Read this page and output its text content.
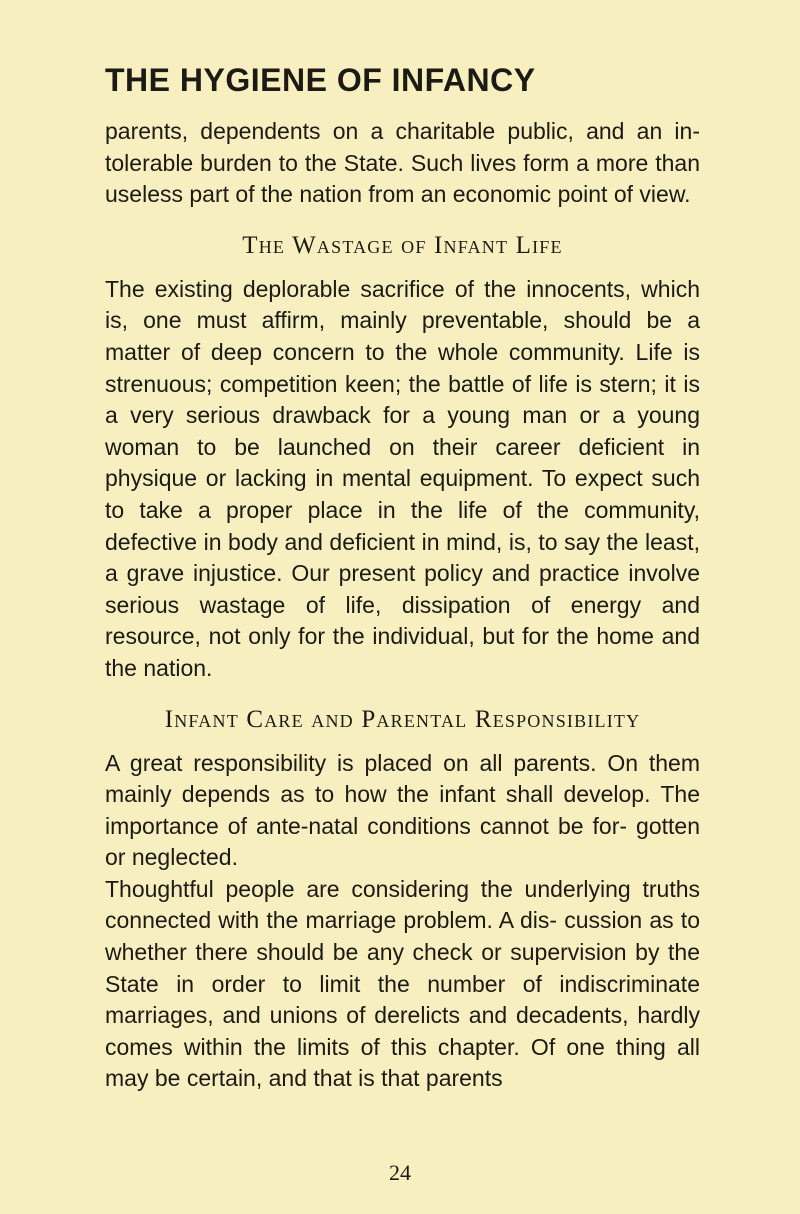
THE HYGIENE OF INFANCY

parents, dependents on a charitable public, and an in- tolerable burden to the State. Such lives form a more than useless part of the nation from an economic point of view.

The Wastage of Infant Life

The existing deplorable sacrifice of the innocents, which is, one must affirm, mainly preventable, should be a matter of deep concern to the whole community. Life is strenuous; competition keen; the battle of life is stern; it is a very serious drawback for a young man or a young woman to be launched on their career deficient in physique or lacking in mental equipment. To expect such to take a proper place in the life of the community, defective in body and deficient in mind, is, to say the least, a grave injustice. Our present policy and practice involve serious wastage of life, dissipation of energy and resource, not only for the individual, but for the home and the nation.

Infant Care and Parental Responsibility

A great responsibility is placed on all parents. On them mainly depends as to how the infant shall develop. The importance of ante-natal conditions cannot be for- gotten or neglected.

Thoughtful people are considering the underlying truths connected with the marriage problem. A dis- cussion as to whether there should be any check or supervision by the State in order to limit the number of indiscriminate marriages, and unions of derelicts and decadents, hardly comes within the limits of this chapter. Of one thing all may be certain, and that is that parents

24
